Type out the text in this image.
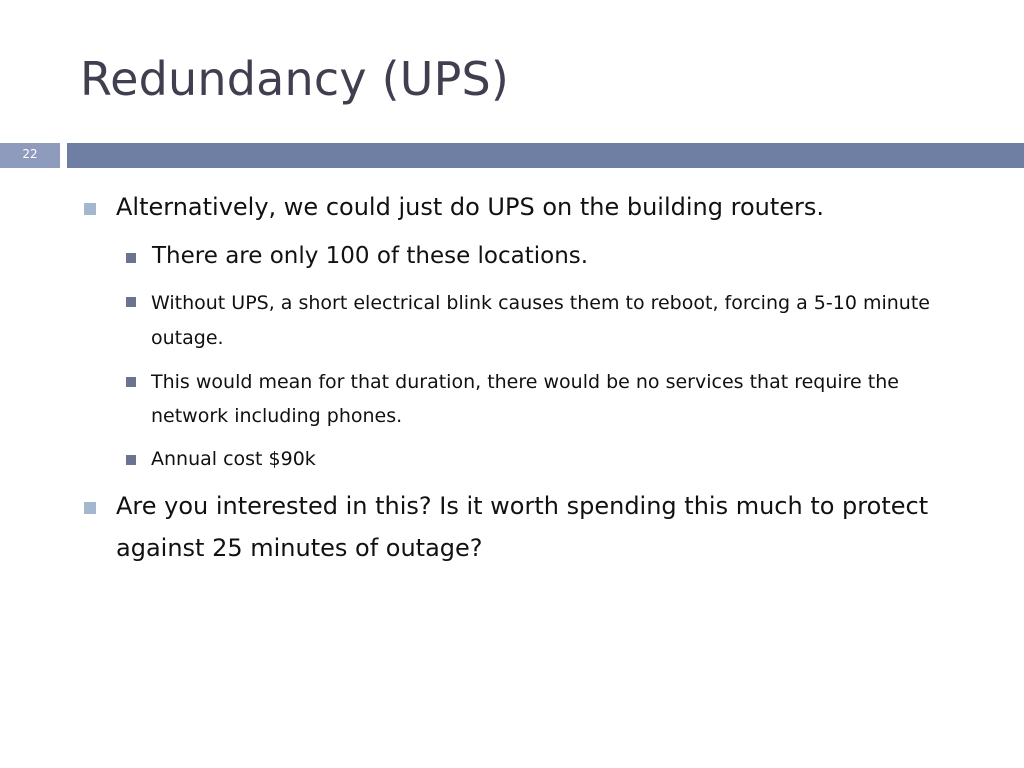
Redundancy (UPS)
22
Alternatively, we could just do UPS on the building routers.
There are only 100 of these locations.
Without UPS, a short electrical blink causes them to reboot, forcing a 5-10 minute outage.
This would mean for that duration, there would be no services that require the network including phones.
Annual cost $90k
Are you interested in this? Is it worth spending this much to protect against 25 minutes of outage?
